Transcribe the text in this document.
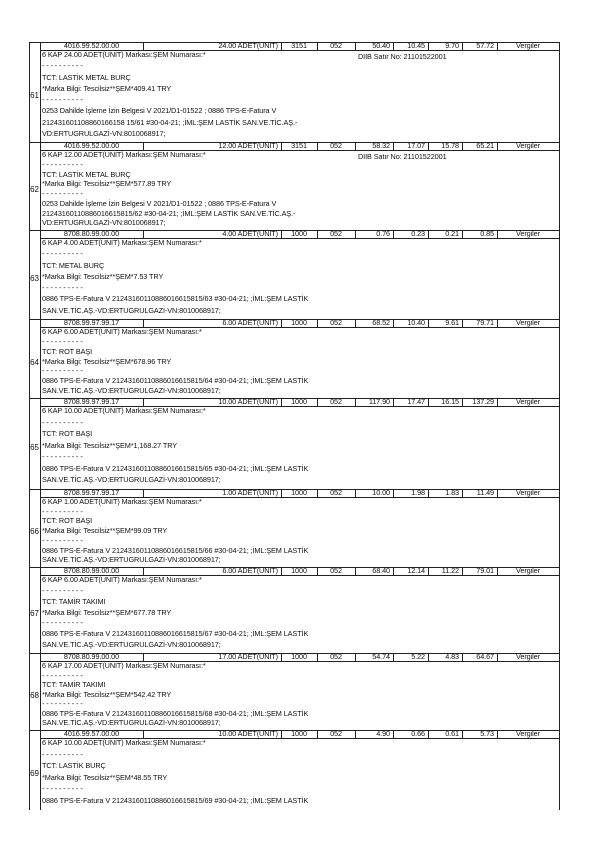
4016.99.52.00.00	24.00 ADET(UNIT)	3151	052	50.40	10.45	9.70	57.72	Vergiler
61
DIIB Satır No: 21101522001
6 KAP 24.00 ADET(UNIT) Markası:ŞEM Numarası:*
- - - - - - - - - -
TCT: LASTİK METAL BURÇ
*Marka Bilgi: Tescilsiz**ŞEM*409.41 TRY
- - - - - - - - - -
0253 Dahilde İşleme İzin Belgesi V 2021/D1-01522 ; 0886 TPS-E-Fatura V
212431601108860166158 15/61 #30-04-21; ;İML:ŞEM LASTİK SAN.VE.TİC.AŞ.-
VD:ERTUGRULGAZİ-VN:8010068917;
4016.99.52.00.00	12.00 ADET(UNIT)	3151	052	58.32	17.07	15.78	65.21	Vergiler
62
DIIB Satır No: 21101522001
6 KAP 12.00 ADET(UNIT) Markası:ŞEM Numarası:*
- - - - - - - - - -
TCT: LASTİK METAL BURÇ
*Marka Bilgi: Tescilsiz**ŞEM*577.89 TRY
- - - - - - - - - -
0253 Dahilde İşleme İzin Belgesi V 2021/D1-01522 ; 0886 TPS-E-Fatura V
21243160110886016615815/62 #30-04-21; ;İML:ŞEM LASTİK SAN.VE.TİC.AŞ.-
VD:ERTUGRULGAZİ-VN:8010068917;
8708.80.99.00.00	4.00 ADET(UNIT)	1000	052	0.76	0.23	0.21	0.85	Vergiler
63
6 KAP 4.00 ADET(UNIT) Markası:ŞEM Numarası:*
- - - - - - - - - -
TCT: METAL BURÇ
*Marka Bilgi: Tescilsiz**ŞEM*7.53 TRY
- - - - - - - - - -
0886 TPS-E-Fatura V 21243160110886016615815/63 #30-04-21; ;İML:ŞEM LASTİK
SAN.VE.TİC.AŞ.-VD:ERTUGRULGAZİ-VN:8010068917;
8708.99.97.99.17	6.00 ADET(UNIT)	1000	052	68.52	10.40	9.61	79.71	Vergiler
64
6 KAP 6.00 ADET(UNIT) Markası:ŞEM Numarası:*
- - - - - - - - - -
TCT: ROT BAŞI
*Marka Bilgi: Tescilsiz**ŞEM*678.96 TRY
- - - - - - - - - -
0886 TPS-E-Fatura V 21243160110886016615815/64 #30-04-21; ;İML:ŞEM LASTİK
SAN.VE.TİC.AŞ.-VD:ERTUGRULGAZİ-VN:8010068917;
8708.99.97.99.17	10.00 ADET(UNIT)	1000	052	117.90	17.47	16.15	137.29	Vergiler
65
6 KAP 10.00 ADET(UNIT) Markası:ŞEM Numarası:*
- - - - - - - - - -
TCT: ROT BAŞI
*Marka Bilgi: Tescilsiz**ŞEM*1,168.27 TRY
- - - - - - - - - -
0886 TPS-E-Fatura V 21243160110886016615815/65 #30-04-21; ;İML:ŞEM LASTİK
SAN.VE.TİC.AŞ.-VD:ERTUGRULGAZİ-VN:8010068917;
8708.99.97.99.17	1.00 ADET(UNIT)	1000	052	10.00	1.98	1.83	11.49	Vergiler
66
6 KAP 1.00 ADET(UNIT) Markası:ŞEM Numarası:*
- - - - - - - - - -
TCT: ROT BAŞI
*Marka Bilgi: Tescilsiz**ŞEM*99.09 TRY
- - - - - - - - - -
0886 TPS-E-Fatura V 21243160110886016615815/66 #30-04-21; ;İML:ŞEM LASTİK
SAN.VE.TİC.AŞ.-VD:ERTUGRULGAZİ-VN:8010068917;
8708.80.99.00.00	6.00 ADET(UNIT)	1000	052	68.40	12.14	11.22	79.01	Vergiler
67
6 KAP 6.00 ADET(UNIT) Markası:ŞEM Numarası:*
- - - - - - - - - -
TCT: TAMİR TAKIMI
*Marka Bilgi: Tescilsiz**ŞEM*677.78 TRY
- - - - - - - - - -
0886 TPS-E-Fatura V 21243160110886016615815/67 #30-04-21; ;İML:ŞEM LASTİK
SAN.VE.TİC.AŞ.-VD:ERTUGRULGAZİ-VN:8010068917;
8708.80.99.00.00	17.00 ADET(UNIT)	1000	052	54.74	5.22	4.83	64.67	Vergiler
68
6 KAP 17.00 ADET(UNIT) Markası:ŞEM Numarası:*
- - - - - - - - - -
TCT: TAMİR TAKIMI
*Marka Bilgi: Tescilsiz**ŞEM*542.42 TRY
- - - - - - - - - -
0886 TPS-E-Fatura V 21243160110886016615815/68 #30-04-21; ;İML:ŞEM LASTİK
SAN.VE.TİC.AŞ.-VD:ERTUGRULGAZİ-VN:8010068917;
4016.99.57.00.00	10.00 ADET(UNIT)	1000	052	4.90	0.66	0.61	5.73	Vergiler
69
6 KAP 10.00 ADET(UNIT) Markası:ŞEM Numarası:*
- - - - - - - - - -
TCT: LASTİK BURÇ
*Marka Bilgi: Tescilsiz**ŞEM*48.55 TRY
- - - - - - - - - -
0886 TPS-E-Fatura V 21243160110886016615815/69 #30-04-21; ;İML:ŞEM LASTİK
